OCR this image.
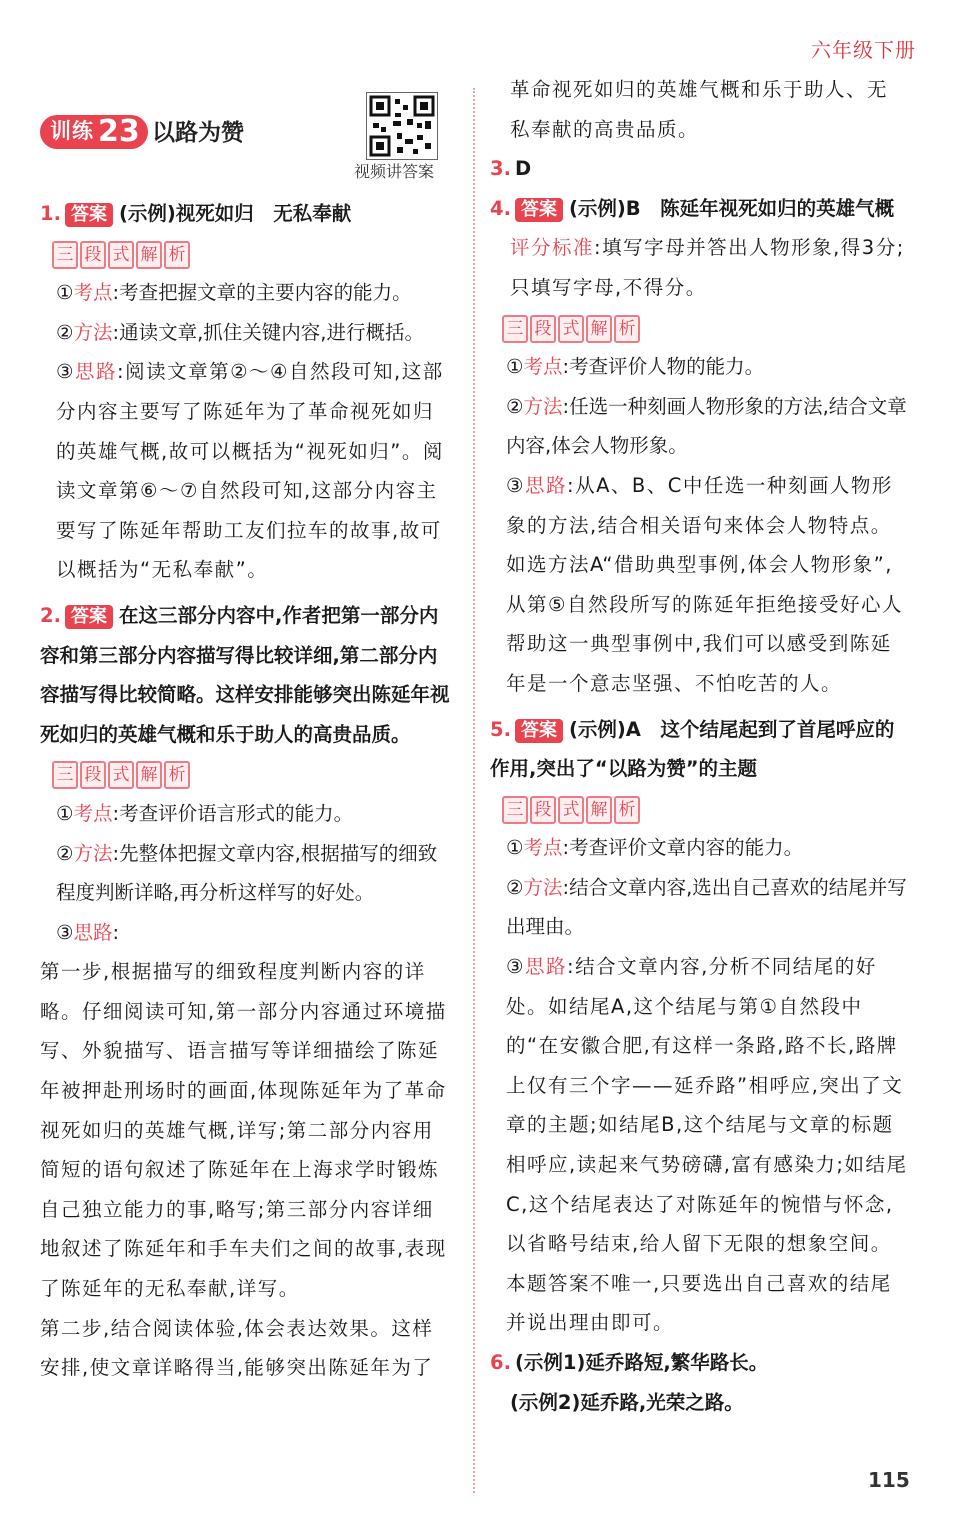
六年级下册
训练 23 以路为赞
视频讲答案

1. 答案 (示例)视死如归　无私奉献

三 段 式 解 析

①考点:考查把握文章的主要内容的能力。

②方法:通读文章,抓住关键内容,进行概括。

③思路:阅读文章第②～④自然段可知,这部分内容主要写了陈延年为了革命视死如归的英雄气概,故可以概括为“视死如归”。阅读文章第⑥～⑦自然段可知,这部分内容主要写了陈延年帮助工友们拉车的故事,故可以概括为“无私奉献”。

2. 答案 在这三部分内容中,作者把第一部分内容和第三部分内容描写得比较详细,第二部分内容描写得比较简略。这样安排能够突出陈延年视死如归的英雄气概和乐于助人的高贵品质。

三 段 式 解 析

①考点:考查评价语言形式的能力。

②方法:先整体把握文章内容,根据描写的细致程度判断详略,再分析这样写的好处。

③思路:

第一步,根据描写的细致程度判断内容的详略。仔细阅读可知,第一部分内容通过环境描写、外貌描写、语言描写等详细描绘了陈延年被押赴刑场时的画面,体现陈延年为了革命视死如归的英雄气概,详写;第二部分内容用简短的语句叙述了陈延年在上海求学时锻炼自己独立能力的事,略写;第三部分内容详细地叙述了陈延年和手车夫们之间的故事,表现了陈延年的无私奉献,详写。

第二步,结合阅读体验,体会表达效果。这样安排,使文章详略得当,能够突出陈延年为了

革命视死如归的英雄气概和乐于助人、无私奉献的高贵品质。

3. D

4. 答案 (示例)B　陈延年视死如归的英雄气概

评分标准:填写字母并答出人物形象,得3分;只填写字母,不得分。

三 段 式 解 析

①考点:考查评价人物的能力。

②方法:任选一种刻画人物形象的方法,结合文章内容,体会人物形象。

③思路:从A、B、C中任选一种刻画人物形象的方法,结合相关语句来体会人物特点。如选方法A“借助典型事例,体会人物形象”,从第⑤自然段所写的陈延年拒绝接受好心人帮助这一典型事例中,我们可以感受到陈延年是一个意志坚强、不怕吃苦的人。

5. 答案 (示例)A　这个结尾起到了首尾呼应的作用,突出了“以路为赞”的主题

三 段 式 解 析

①考点:考查评价文章内容的能力。

②方法:结合文章内容,选出自己喜欢的结尾并写出理由。

③思路:结合文章内容,分析不同结尾的好处。如结尾A,这个结尾与第①自然段中的“在安徽合肥,有这样一条路,路不长,路牌上仅有三个字——延乔路”相呼应,突出了文章的主题;如结尾B,这个结尾与文章的标题相呼应,读起来气势磅礴,富有感染力;如结尾C,这个结尾表达了对陈延年的惋惜与怀念,以省略号结束,给人留下无限的想象空间。本题答案不唯一,只要选出自己喜欢的结尾并说出理由即可。

6. (示例1)延乔路短,繁华路长。

(示例2)延乔路,光荣之路。

115
